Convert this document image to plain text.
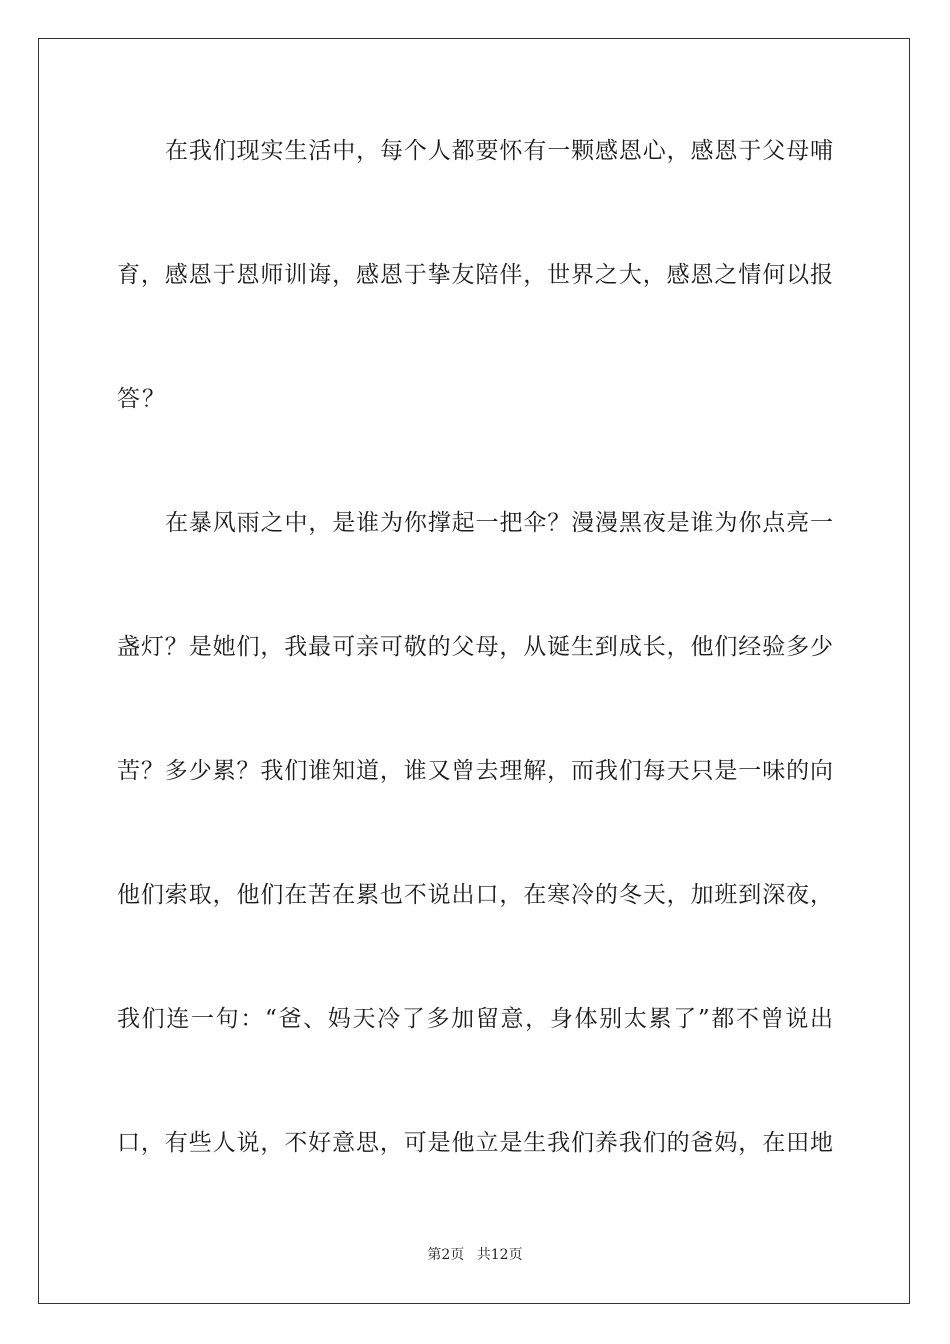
在我们现实生活中，每个人都要怀有一颗感恩心，感恩于父母哺
育，感恩于恩师训诲，感恩于挚友陪伴，世界之大，感恩之情何以报
答？
在暴风雨之中，是谁为你撑起一把伞？漫漫黑夜是谁为你点亮一
盏灯？是她们，我最可亲可敬的父母，从诞生到成长，他们经验多少
苦？多少累？我们谁知道，谁又曾去理解，而我们每天只是一味的向
他们索取，他们在苦在累也不说出口，在寒冷的冬天，加班到深夜，
我们连一句：“爸、妈天冷了多加留意，身体别太累了”都不曾说出
口，有些人说，不好意思，可是他立是生我们养我们的爸妈，在田地
第2页 共12页
